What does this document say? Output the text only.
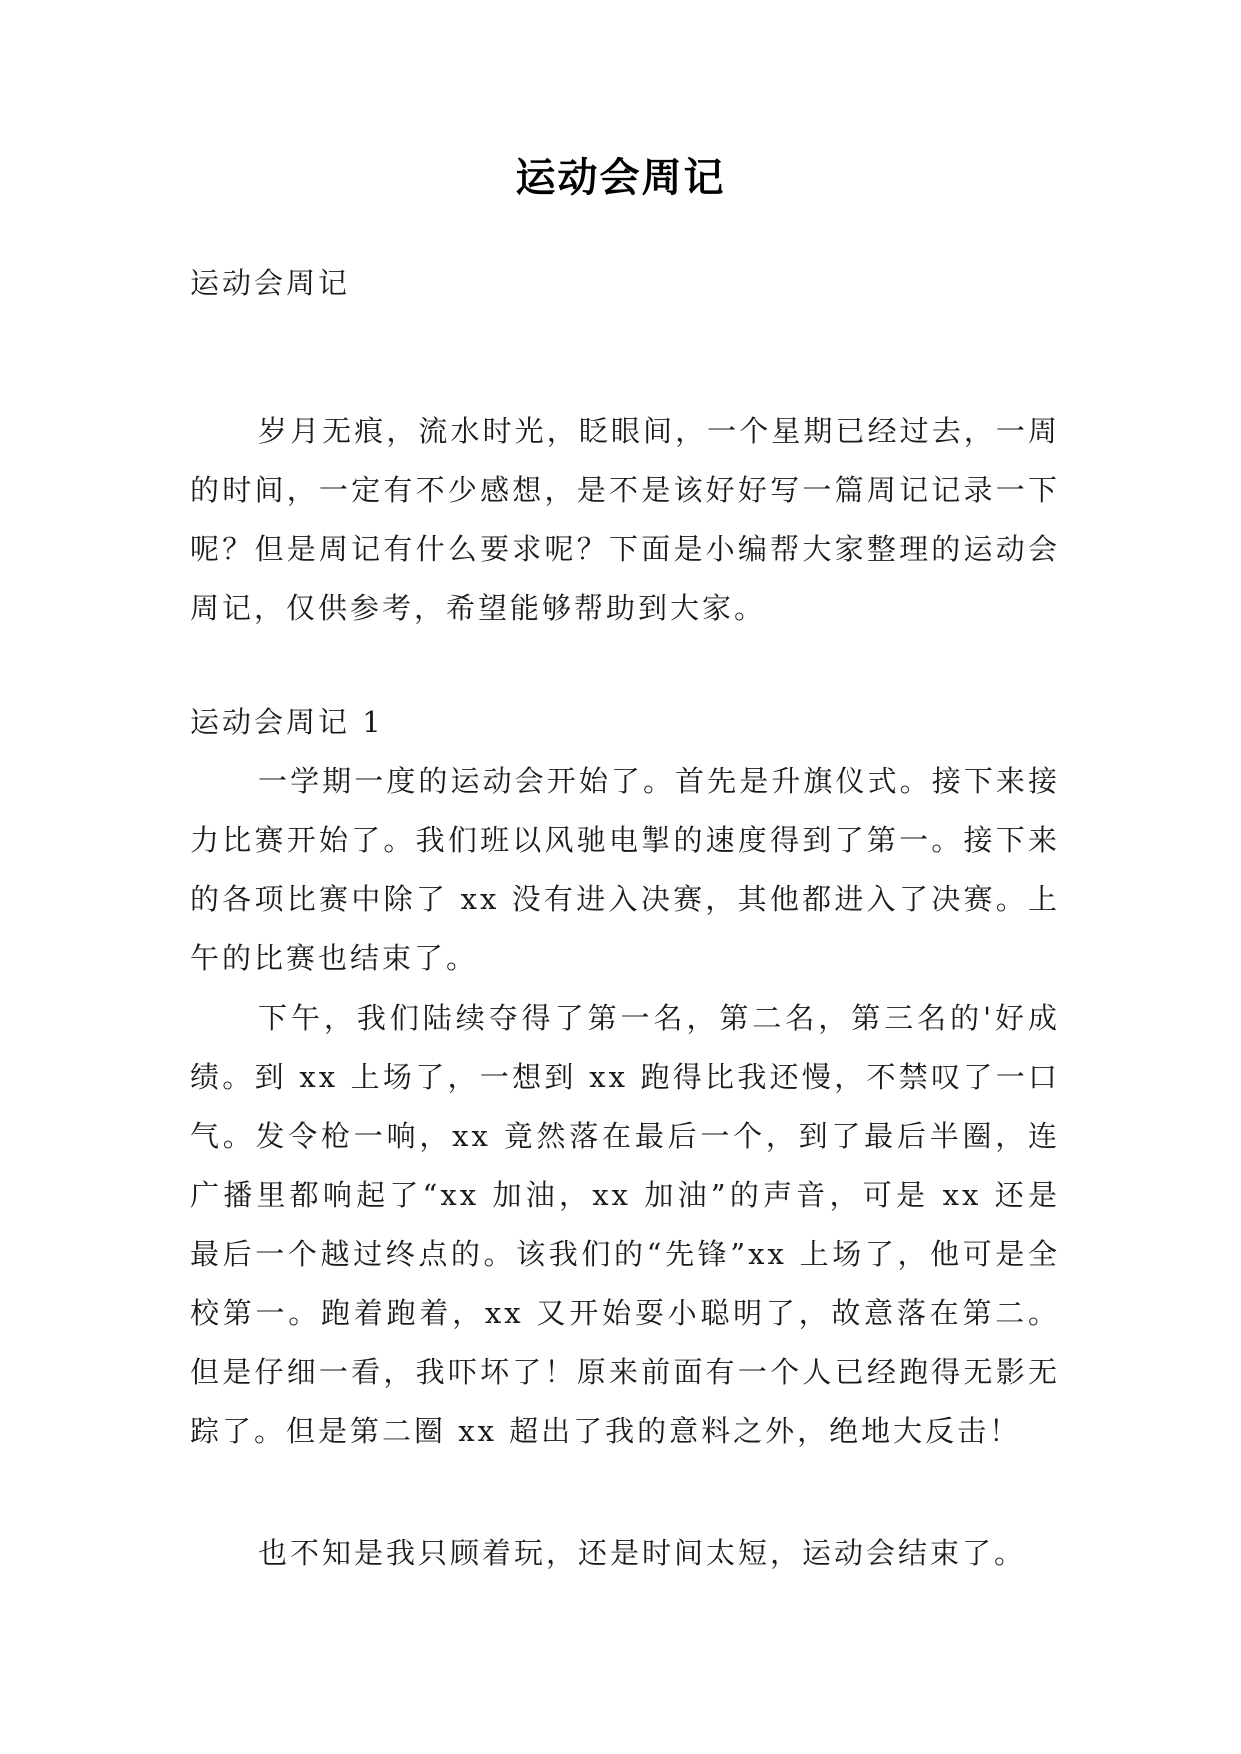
运动会周记
运动会周记

岁月无痕，流水时光，眨眼间，一个星期已经过去，一周的时间，一定有不少感想，是不是该好好写一篇周记记录一下呢？但是周记有什么要求呢？下面是小编帮大家整理的运动会周记，仅供参考，希望能够帮助到大家。

运动会周记 1

一学期一度的运动会开始了。首先是升旗仪式。接下来接力比赛开始了。我们班以风驰电掣的速度得到了第一。接下来的各项比赛中除了 xx 没有进入决赛，其他都进入了决赛。上午的比赛也结束了。

下午，我们陆续夺得了第一名，第二名，第三名的'好成绩。到 xx 上场了，一想到 xx 跑得比我还慢，不禁叹了一口气。发令枪一响，xx 竟然落在最后一个，到了最后半圈，连广播里都响起了“xx 加油，xx 加油”的声音，可是 xx 还是最后一个越过终点的。该我们的“先锋”xx 上场了，他可是全校第一。跑着跑着，xx 又开始耍小聪明了，故意落在第二。但是仔细一看，我吓坏了！原来前面有一个人已经跑得无影无踪了。但是第二圈 xx 超出了我的意料之外，绝地大反击！

也不知是我只顾着玩，还是时间太短，运动会结束了。
